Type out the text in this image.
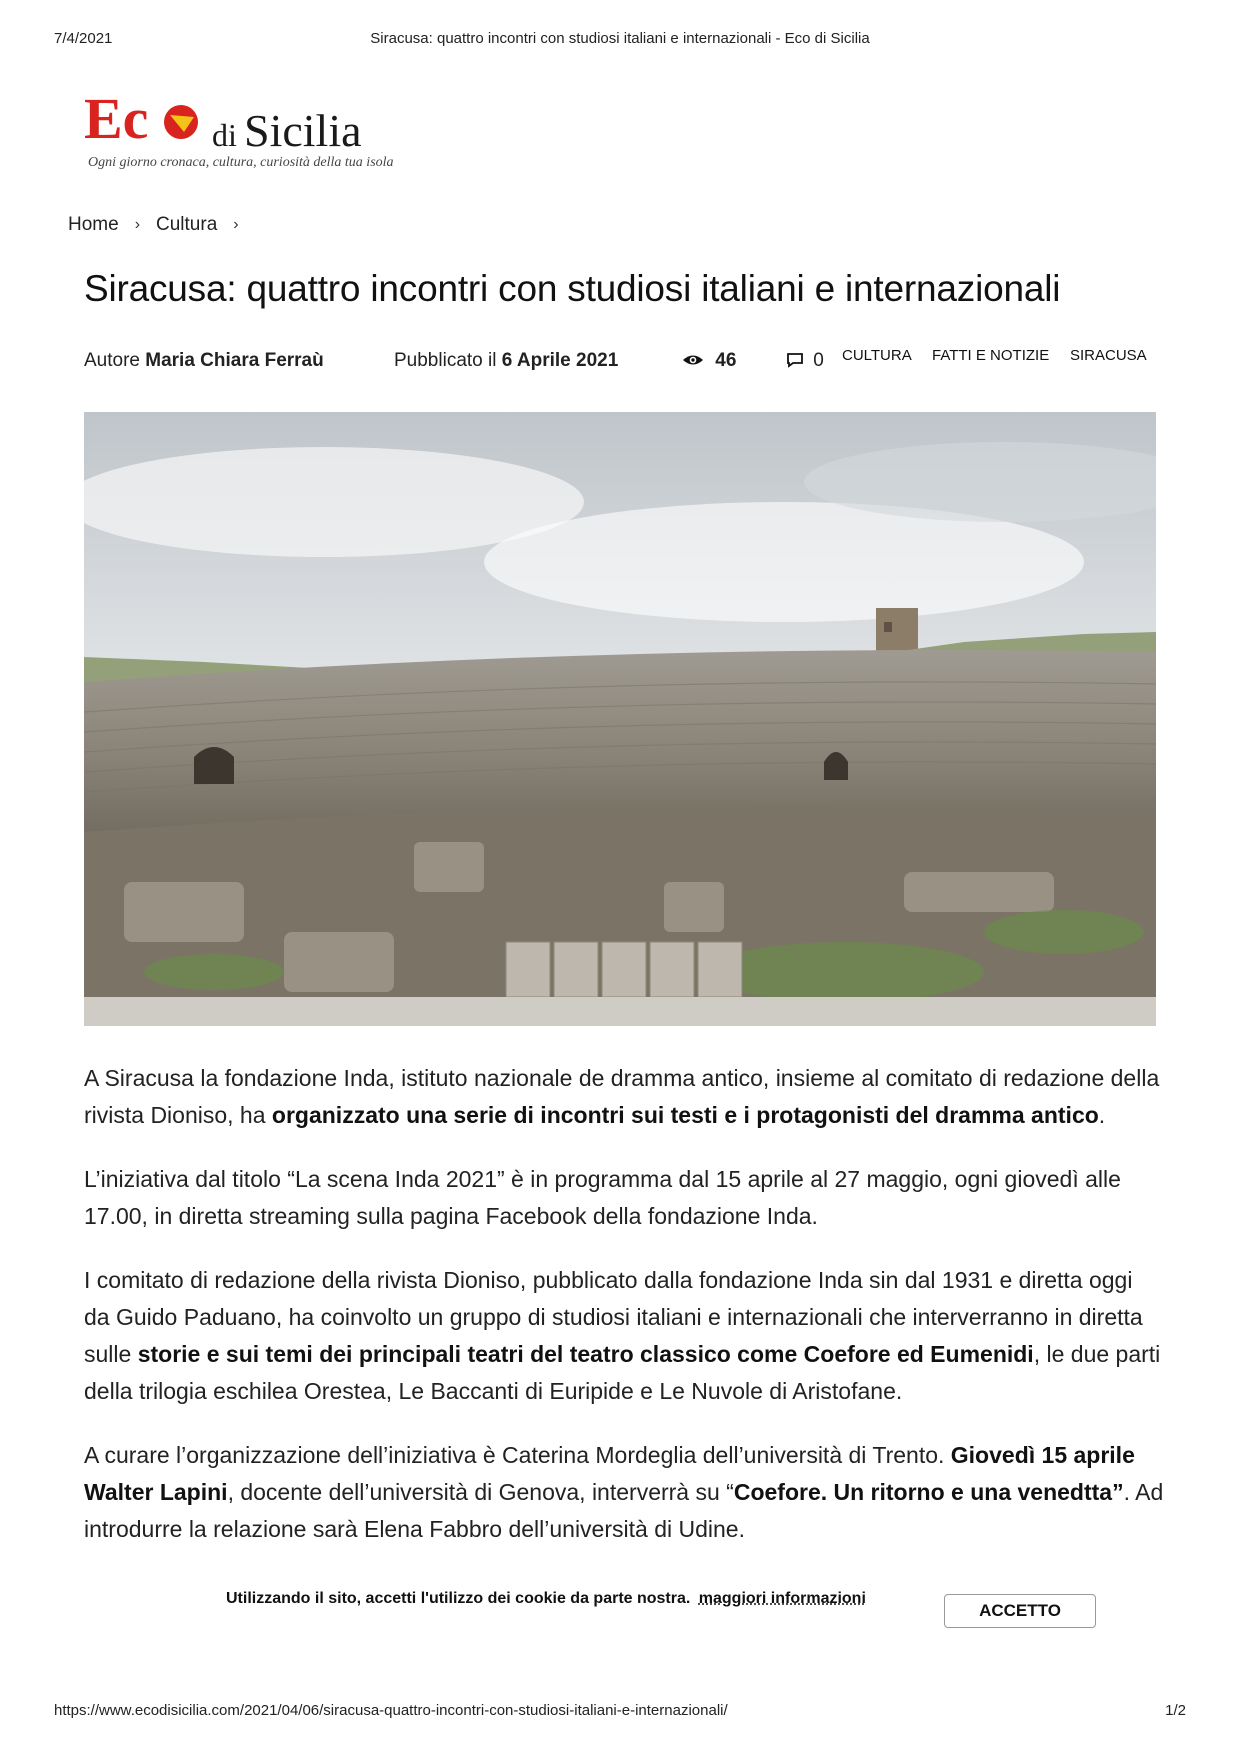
7/4/2021	Siracusa: quattro incontri con studiosi italiani e internazionali - Eco di Sicilia
Ec di Sicilia
Ogni giorno cronaca, cultura, curiosità della tua isola
Home › Cultura ›
Siracusa: quattro incontri con studiosi italiani e internazionali
Autore Maria Chiara Ferraù	Pubblicato il 6 Aprile 2021	46	0 CULTURA FATTI E NOTIZIE SIRACUSA

A Siracusa la fondazione Inda, istituto nazionale de dramma antico, insieme al comitato di redazione della rivista Dioniso, ha organizzato una serie di incontri sui testi e i protagonisti del dramma antico.

L’iniziativa dal titolo “La scena Inda 2021” è in programma dal 15 aprile al 27 maggio, ogni giovedì alle 17.00, in diretta streaming sulla pagina Facebook della fondazione Inda.

I comitato di redazione della rivista Dioniso, pubblicato dalla fondazione Inda sin dal 1931 e diretta oggi da Guido Paduano, ha coinvolto un gruppo di studiosi italiani e internazionali che interverranno in diretta sulle storie e sui temi dei principali teatri del teatro classico come Coefore ed Eumenidi, le due parti della trilogia eschilea Orestea, Le Baccanti di Euripide e Le Nuvole di Aristofane.

A curare l’organizzazione dell’iniziativa è Caterina Mordeglia dell’università di Trento. Giovedì 15 aprile Walter Lapini, docente dell’università di Genova, interverrà su “Coefore. Un ritorno e una venedtta”. Ad introdurre la relazione sarà Elena Fabbro dell’università di Udine.

Utilizzando il sito, accetti l'utilizzo dei cookie da parte nostra. maggiori informazioni
ACCETTO
https://www.ecodisicilia.com/2021/04/06/siracusa-quattro-incontri-con-studiosi-italiani-e-internazionali/	1/2
